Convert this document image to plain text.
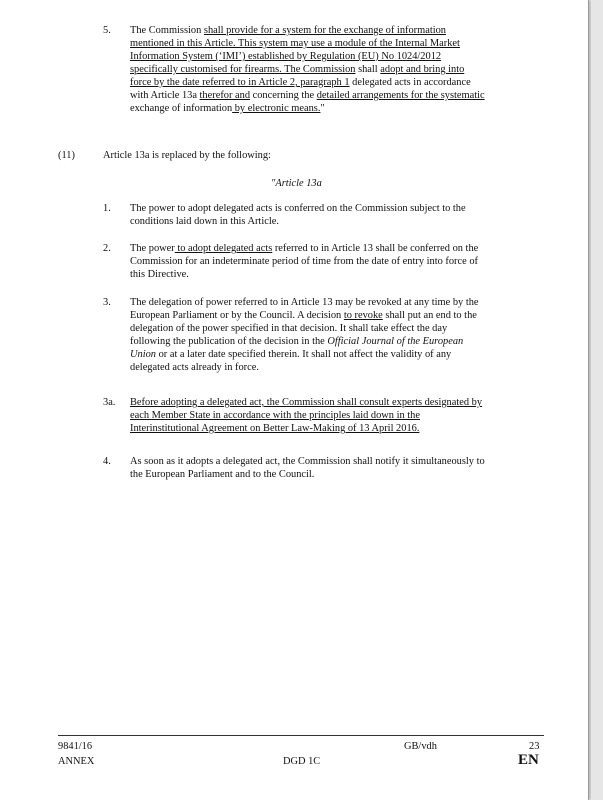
5. The Commission shall provide for a system for the exchange of information
mentioned in this Article. This system may use a module of the Internal Market
Information System (‘IMI’) established by Regulation (EU) No 1024/2012
specifically customised for firearms. The Commission shall adopt and bring into
force by the date referred to in Article 2, paragraph 1 delegated acts in accordance
with Article 13a therefor and concerning the detailed arrangements for the systematic
exchange of information by electronic means."
(11)	Article 13a is replaced by the following:
"Article 13a
1. The power to adopt delegated acts is conferred on the Commission subject to the
conditions laid down in this Article.
2. The power to adopt delegated acts referred to in Article 13 shall be conferred on the
Commission for an indeterminate period of time from the date of entry into force of
this Directive.
3. The delegation of power referred to in Article 13 may be revoked at any time by the
European Parliament or by the Council. A decision to revoke shall put an end to the
delegation of the power specified in that decision. It shall take effect the day
following the publication of the decision in the Official Journal of the European
Union or at a later date specified therein. It shall not affect the validity of any
delegated acts already in force.
3a. Before adopting a delegated act, the Commission shall consult experts designated by
each Member State in accordance with the principles laid down in the
Interinstitutional Agreement on Better Law-Making of 13 April 2016.
4. As soon as it adopts a delegated act, the Commission shall notify it simultaneously to
the European Parliament and to the Council.
9841/16	GB/vdh	23
ANNEX	DGD 1C	EN
